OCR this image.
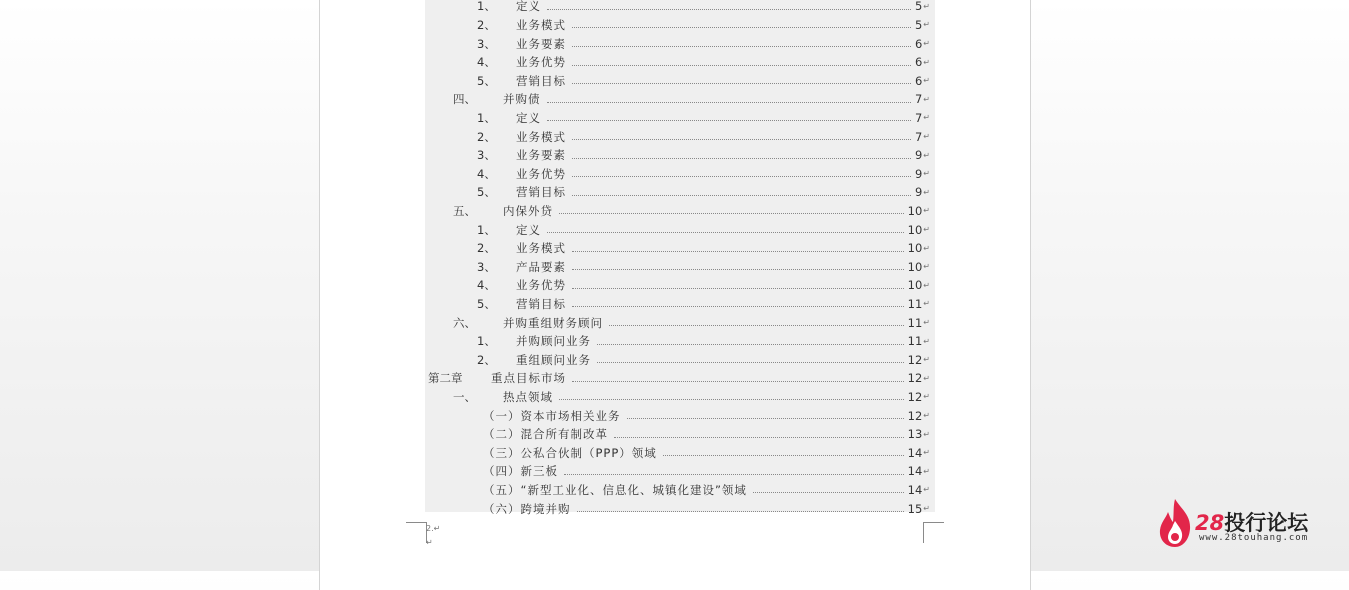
1、 定义	5 ↵
2、 业务模式	5 ↵
3、 业务要素	6 ↵
4、 业务优势	6 ↵
5、 营销目标	6 ↵
四、 并购债	7 ↵
1、 定义	7 ↵
2、 业务模式	7 ↵
3、 业务要素	9 ↵
4、 业务优势	9 ↵
5、 营销目标	9 ↵
五、 内保外贷	10 ↵
1、 定义	10 ↵
2、 业务模式	10 ↵
3、 产品要素	10 ↵
4、 业务优势	10 ↵
5、 营销目标	11 ↵
六、 并购重组财务顾问	11 ↵
1、 并购顾问业务	11 ↵
2、 重组顾问业务	12 ↵
第二章 重点目标市场	12 ↵
一、 热点领域	12 ↵
（一）资本市场相关业务	12 ↵
（二）混合所有制改革	13 ↵
（三）公私合伙制（PPP）领域	14 ↵
（四）新三板	14 ↵
（五）“新型工业化、信息化、城镇化建设”领域	14 ↵
（六）跨境并购	15 ↵
2.↵
↵
28投行论坛
www.28touhang.com
